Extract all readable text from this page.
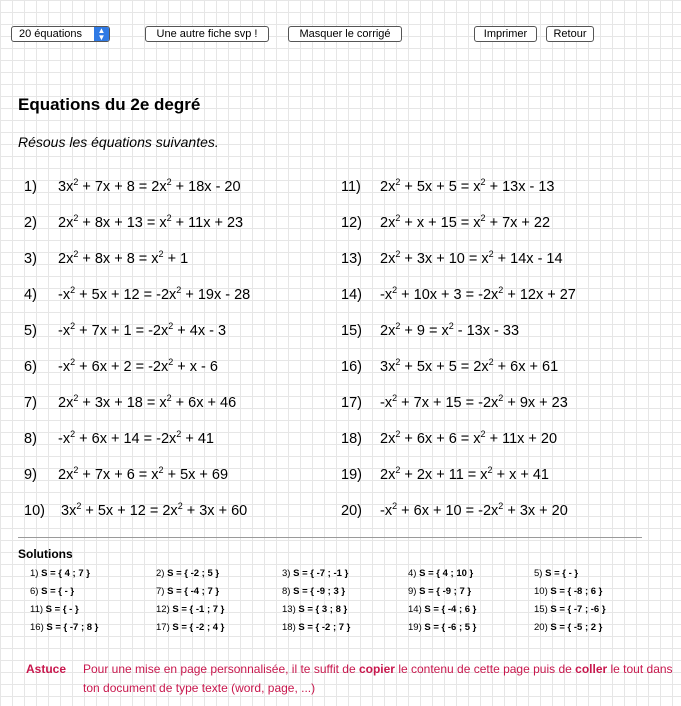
20 équations	▲
▼	Une autre fiche svp !	Masquer le corrigé	Imprimer	Retour
Equations du 2e degré

Résous les équations suivantes.

1) $3x^2 + 7x + 8 = 2x^2 + 18x - 20$
2) $2x^2 + 8x + 13 = x^2 + 11x + 23$
3) $2x^2 + 8x + 8 = x^2 + 1$
4) $-x^2 + 5x + 12 = -2x^2 + 19x - 28$
5) $-x^2 + 7x + 1 = -2x^2 + 4x - 3$
6) $-x^2 + 6x + 2 = -2x^2 + x - 6$
7) $2x^2 + 3x + 18 = x^2 + 6x + 46$
8) $-x^2 + 6x + 14 = -2x^2 + 41$
9) $2x^2 + 7x + 6 = x^2 + 5x + 69$
10) $3x^2 + 5x + 12 = 2x^2 + 3x + 60$
11) $2x^2 + 5x + 5 = x^2 + 13x - 13$
12) $2x^2 + x + 15 = x^2 + 7x + 22$
13) $2x^2 + 3x + 10 = x^2 + 14x - 14$
14) $-x^2 + 10x + 3 = -2x^2 + 12x + 27$
15) $2x^2 + 9 = x^2 - 13x - 33$
16) $3x^2 + 5x + 5 = 2x^2 + 6x + 61$
17) $-x^2 + 7x + 15 = -2x^2 + 9x + 23$
18) $2x^2 + 6x + 6 = x^2 + 11x + 20$
19) $2x^2 + 2x + 11 = x^2 + x + 41$
20) $-x^2 + 6x + 10 = -2x^2 + 3x + 20$
Solutions
1) S = { 4 ; 7 }	2) S = { -2 ; 5 }	3) S = { -7 ; -1 }	4) S = { 4 ; 10 }	5) S = { - }
6) S = { - }	7) S = { -4 ; 7 }	8) S = { -9 ; 3 }	9) S = { -9 ; 7 }	10) S = { -8 ; 6 }
11) S = { - }	12) S = { -1 ; 7 }	13) S = { 3 ; 8 }	14) S = { -4 ; 6 }	15) S = { -7 ; -6 }
16) S = { -7 ; 8 }	17) S = { -2 ; 4 }	18) S = { -2 ; 7 }	19) S = { -6 ; 5 }	20) S = { -5 ; 2 }
Astuce Pour une mise en page personnalisée, il te suffit de copier le contenu de cette page puis de coller le tout dans ton document de type texte (word, page, ...)
